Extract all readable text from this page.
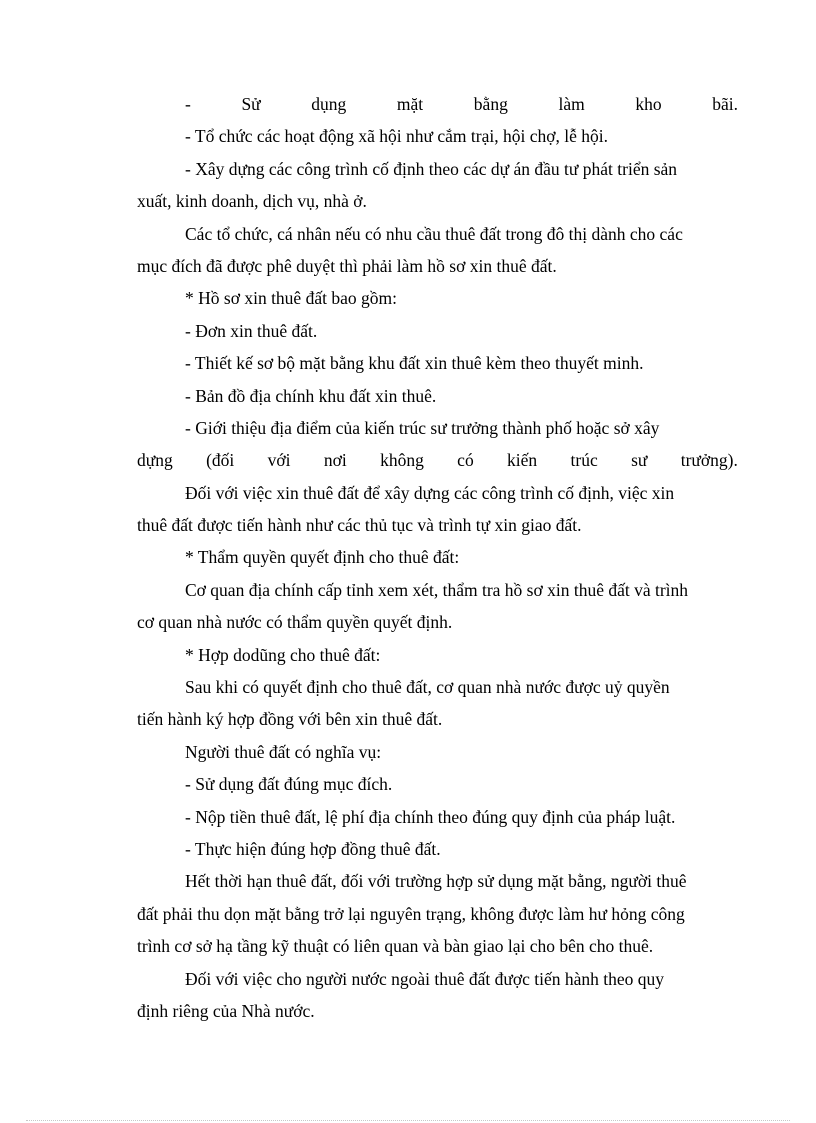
-	Sử	dụng	mặt	bằng	làm	kho	bãi.
- Tổ chức các hoạt động xã hội như cắm trại, hội chợ, lễ hội.
- Xây dựng các công trình cố định theo các dự án đầu tư phát triển sản
xuất, kinh doanh, dịch vụ, nhà ở.
Các tổ chức, cá nhân nếu có nhu cầu thuê đất trong đô thị dành cho các
mục đích đã được phê duyệt thì phải làm hồ sơ xin thuê đất.
* Hồ sơ xin thuê đất bao gồm:
- Đơn xin thuê đất.
- Thiết kế sơ bộ mặt bằng khu đất xin thuê kèm theo thuyết minh.
- Bản đồ địa chính khu đất xin thuê.
- Giới thiệu địa điểm của kiến trúc sư trưởng thành phố hoặc sở xây
dựng (đối với nơi không có kiến trúc sư trưởng).
Đối với việc xin thuê đất để xây dựng các công trình cố định, việc xin
thuê đất được tiến hành như các thủ tục và trình tự xin giao đất.
* Thẩm quyền quyết định cho thuê đất:
Cơ quan địa chính cấp tỉnh xem xét, thẩm tra hồ sơ xin thuê đất và trình
cơ quan nhà nước có thẩm quyền quyết định.
* Hợp dodũng cho thuê đất:
Sau khi có quyết định cho thuê đất, cơ quan nhà nước được uỷ quyền
tiến hành ký hợp đồng với bên xin thuê đất.
Người thuê đất có nghĩa vụ:
- Sử dụng đất đúng mục đích.
- Nộp tiền thuê đất, lệ phí địa chính theo đúng quy định của pháp luật.
- Thực hiện đúng hợp đồng thuê đất.
Hết thời hạn thuê đất, đối với trường hợp sử dụng mặt bằng, người thuê
đất phải thu dọn mặt bằng trở lại nguyên trạng, không được làm hư hỏng công
trình cơ sở hạ tầng kỹ thuật có liên quan và bàn giao lại cho bên cho thuê.
Đối với việc cho người nước ngoài thuê đất được tiến hành theo quy
định riêng của Nhà nước.
